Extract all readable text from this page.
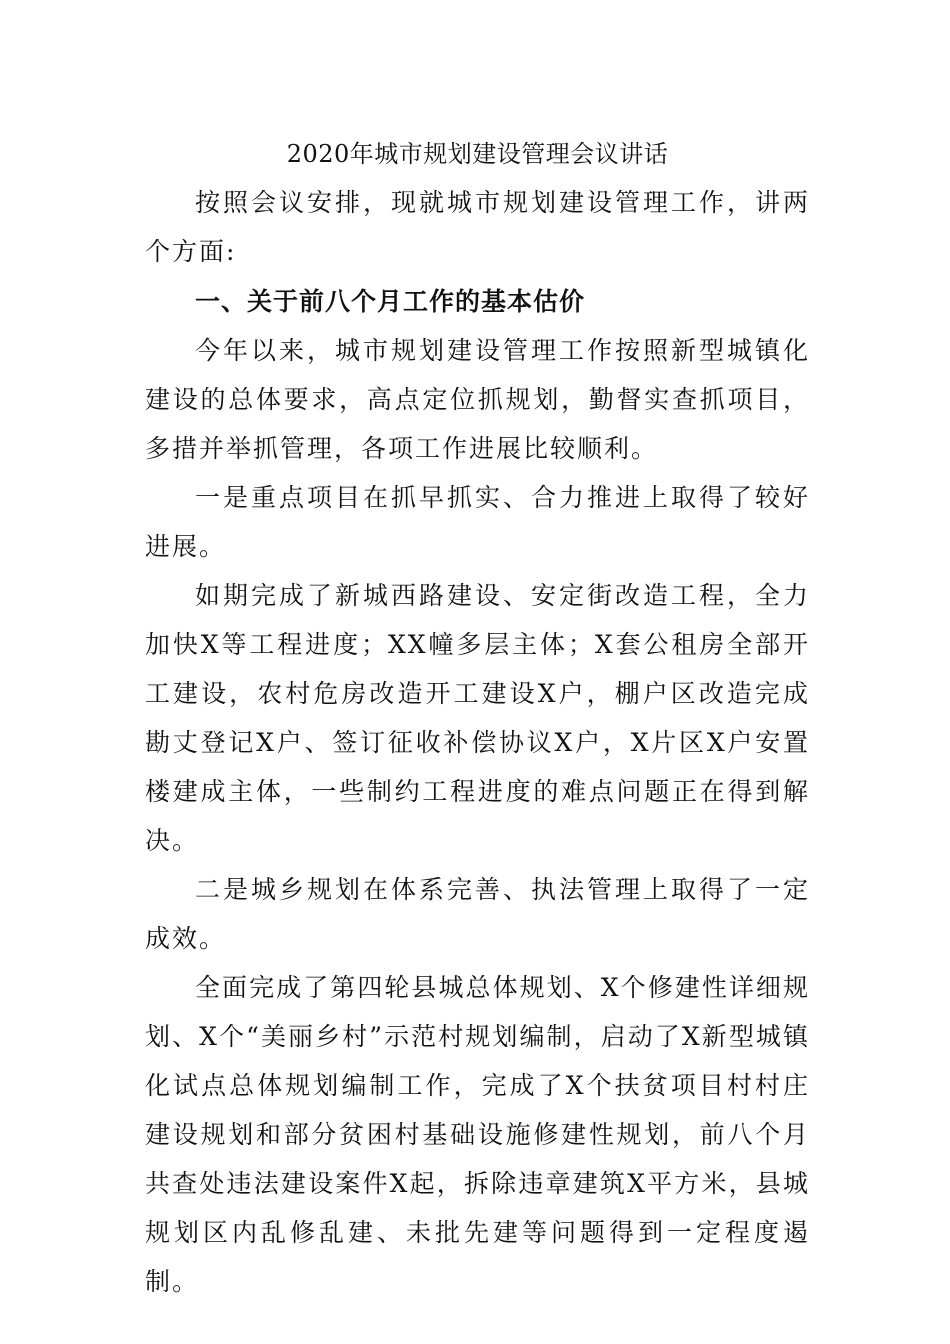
2020年城市规划建设管理会议讲话

按照会议安排，现就城市规划建设管理工作，讲两个方面:

一、关于前八个月工作的基本估价

今年以来，城市规划建设管理工作按照新型城镇化建设的总体要求，高点定位抓规划，勤督实查抓项目，多措并举抓管理，各项工作进展比较顺利。

一是重点项目在抓早抓实、合力推进上取得了较好进展。

如期完成了新城西路建设、安定街改造工程，全力加快X等工程进度；XX幢多层主体；X套公租房全部开工建设，农村危房改造开工建设X户，棚户区改造完成勘丈登记X户、签订征收补偿协议X户，X片区X户安置楼建成主体，一些制约工程进度的难点问题正在得到解决。

二是城乡规划在体系完善、执法管理上取得了一定成效。

全面完成了第四轮县城总体规划、X个修建性详细规划、X个“美丽乡村”示范村规划编制，启动了X新型城镇化试点总体规划编制工作，完成了X个扶贫项目村村庄建设规划和部分贫困村基础设施修建性规划，前八个月共查处违法建设案件X起，拆除违章建筑X平方米，县城规划区内乱修乱建、未批先建等问题得到一定程度遏制。
